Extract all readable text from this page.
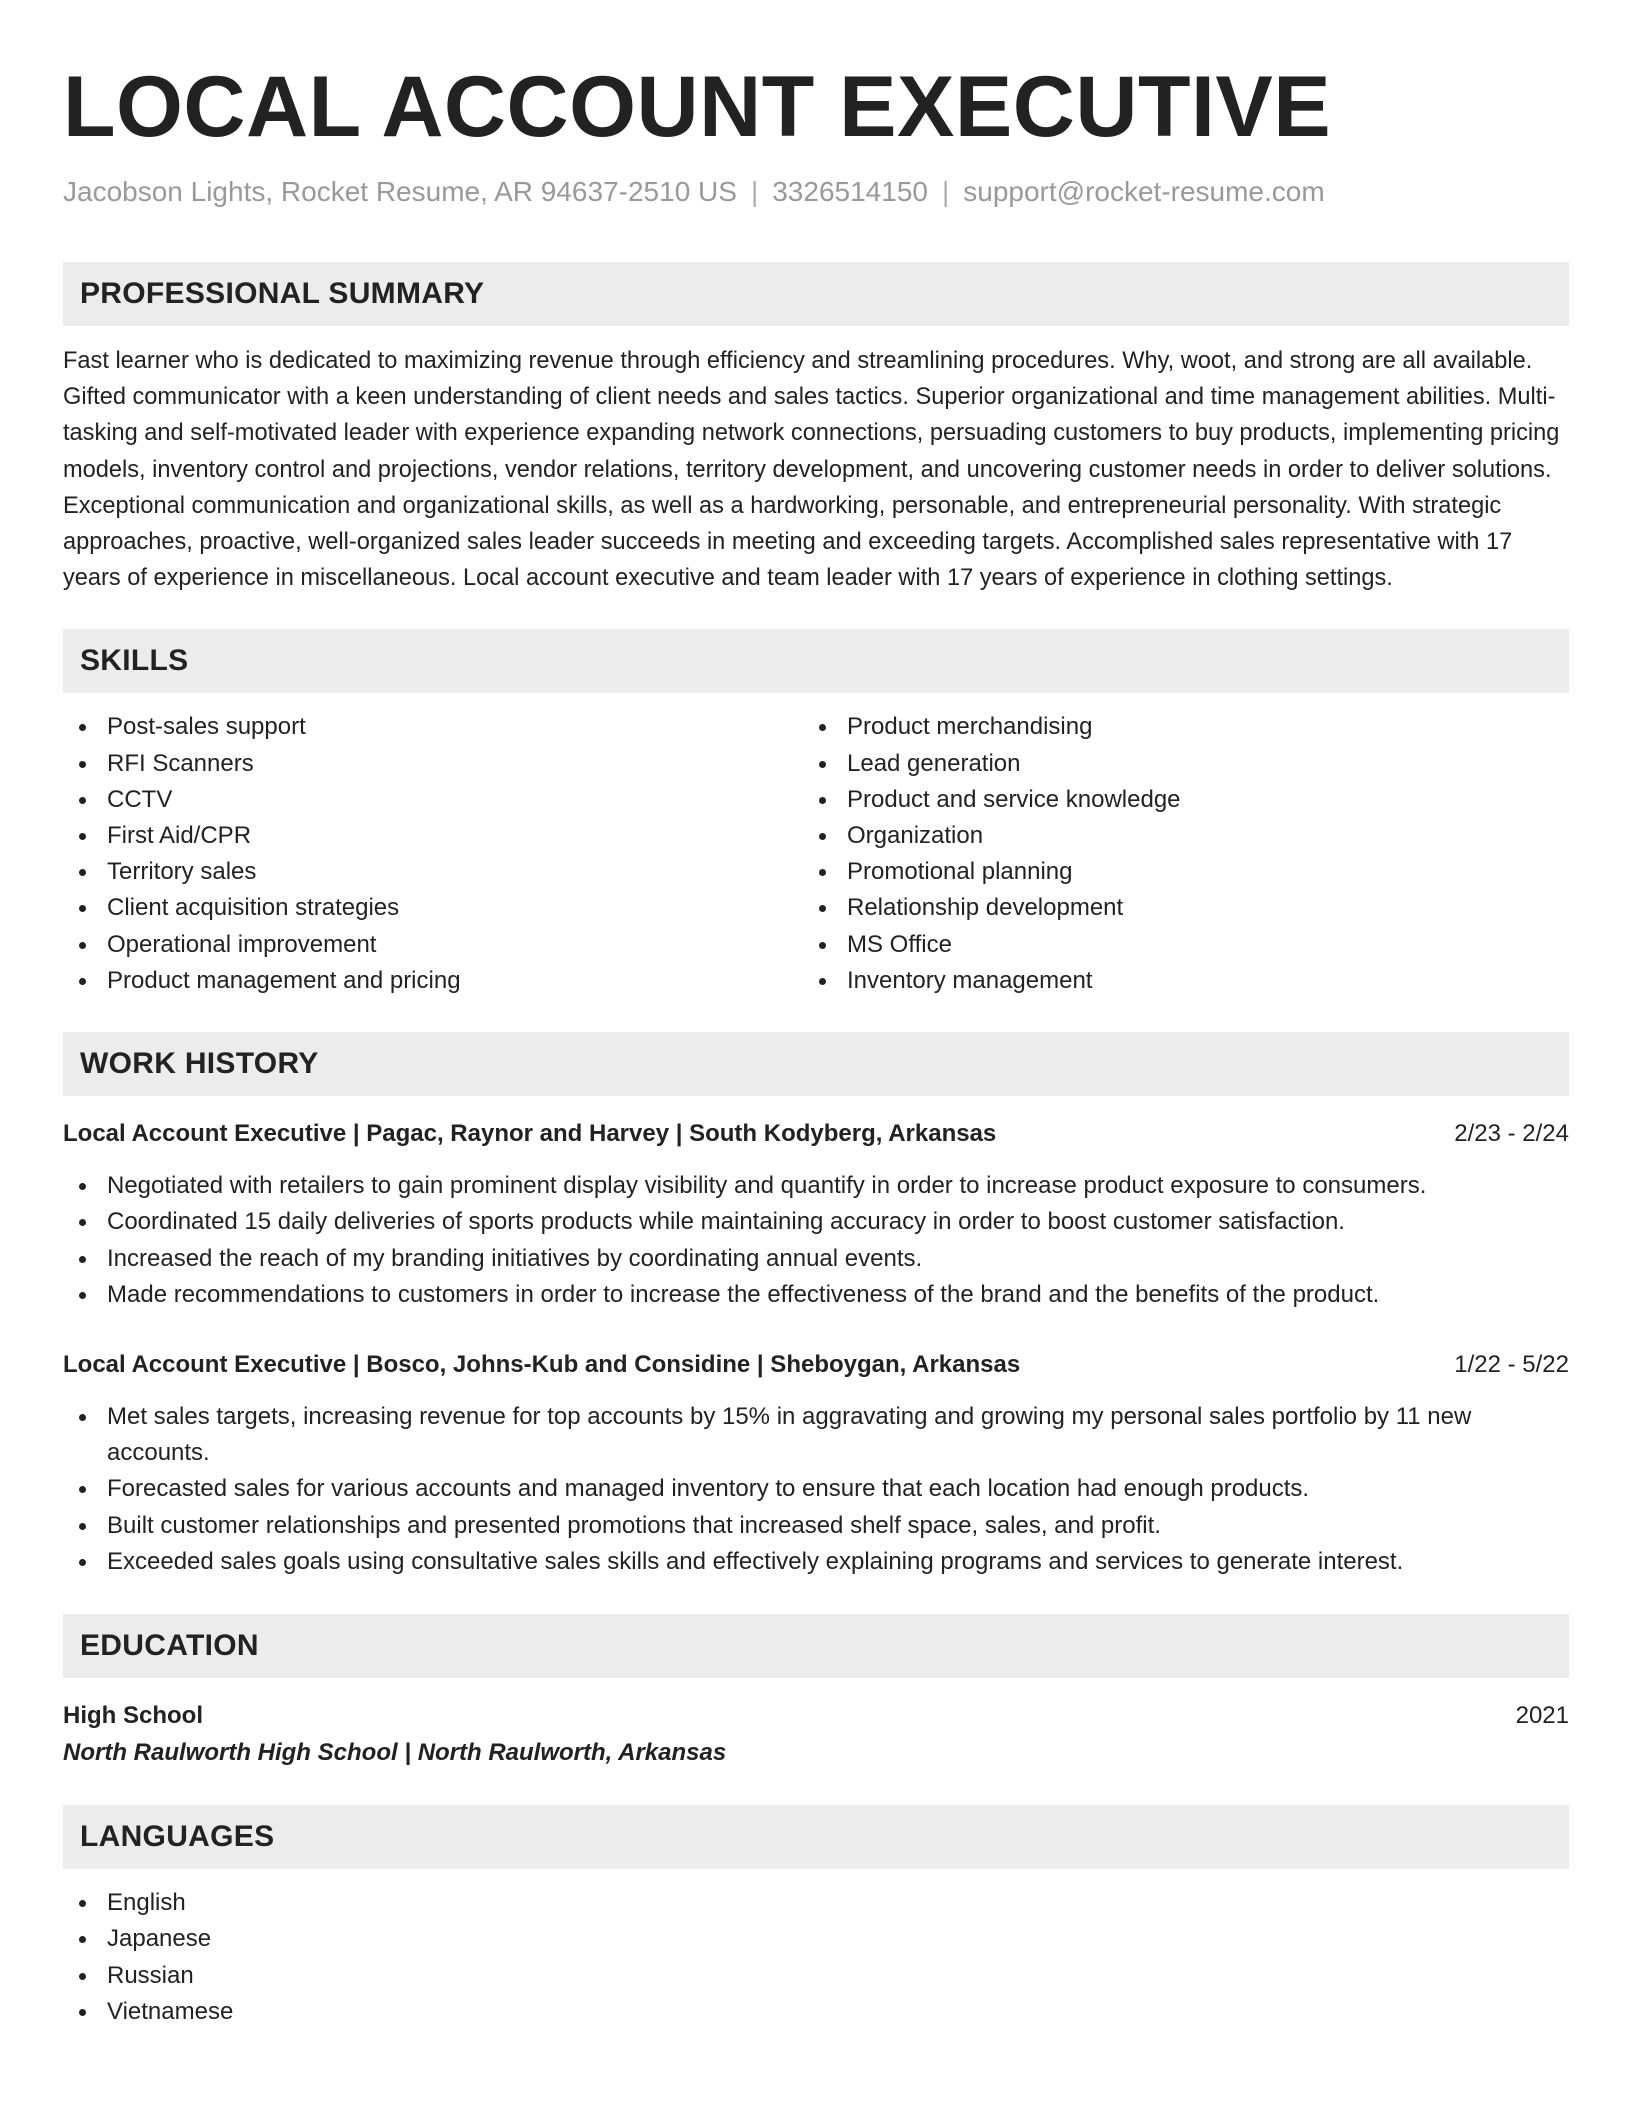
LOCAL ACCOUNT EXECUTIVE
Jacobson Lights, Rocket Resume, AR 94637-2510 US | 3326514150 | support@rocket-resume.com
PROFESSIONAL SUMMARY

Fast learner who is dedicated to maximizing revenue through efficiency and streamlining procedures. Why, woot, and strong are all available. Gifted communicator with a keen understanding of client needs and sales tactics. Superior organizational and time management abilities. Multi-tasking and self-motivated leader with experience expanding network connections, persuading customers to buy products, implementing pricing models, inventory control and projections, vendor relations, territory development, and uncovering customer needs in order to deliver solutions. Exceptional communication and organizational skills, as well as a hardworking, personable, and entrepreneurial personality. With strategic approaches, proactive, well-organized sales leader succeeds in meeting and exceeding targets. Accomplished sales representative with 17 years of experience in miscellaneous. Local account executive and team leader with 17 years of experience in clothing settings.

SKILLS
Post-sales support
RFI Scanners
CCTV
First Aid/CPR
Territory sales
Client acquisition strategies
Operational improvement
Product management and pricing
Product merchandising
Lead generation
Product and service knowledge
Organization
Promotional planning
Relationship development
MS Office
Inventory management
WORK HISTORY
Local Account Executive | Pagac, Raynor and Harvey | South Kodyberg, Arkansas	2/23 - 2/24
Negotiated with retailers to gain prominent display visibility and quantify in order to increase product exposure to consumers.
Coordinated 15 daily deliveries of sports products while maintaining accuracy in order to boost customer satisfaction.
Increased the reach of my branding initiatives by coordinating annual events.
Made recommendations to customers in order to increase the effectiveness of the brand and the benefits of the product.
Local Account Executive | Bosco, Johns-Kub and Considine | Sheboygan, Arkansas	1/22 - 5/22
Met sales targets, increasing revenue for top accounts by 15% in aggravating and growing my personal sales portfolio by 11 new accounts.
Forecasted sales for various accounts and managed inventory to ensure that each location had enough products.
Built customer relationships and presented promotions that increased shelf space, sales, and profit.
Exceeded sales goals using consultative sales skills and effectively explaining programs and services to generate interest.
EDUCATION
High School	2021
North Raulworth High School | North Raulworth, Arkansas
LANGUAGES
English
Japanese
Russian
Vietnamese
